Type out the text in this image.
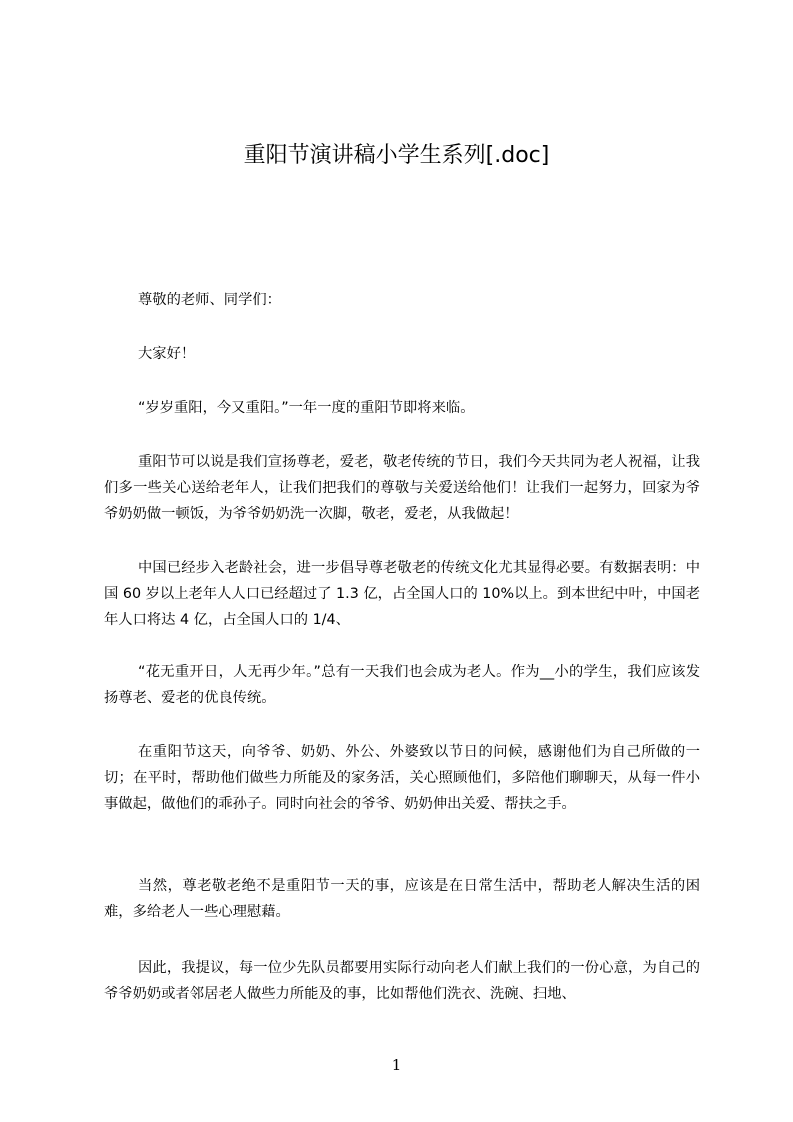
重阳节演讲稿小学生系列[.doc]

尊敬的老师、同学们：

大家好！

“岁岁重阳，今又重阳。”一年一度的重阳节即将来临。

重阳节可以说是我们宣扬尊老，爱老，敬老传统的节日，我们今天共同为老人祝福，让我们多一些关心送给老年人，让我们把我们的尊敬与关爱送给他们！让我们一起努力，回家为爷爷奶奶做一顿饭，为爷爷奶奶洗一次脚，敬老，爱老，从我做起！

中国已经步入老龄社会，进一步倡导尊老敬老的传统文化尤其显得必要。有数据表明：中国 60 岁以上老年人人口已经超过了 1.3 亿，占全国人口的 10%以上。到本世纪中叶，中国老年人口将达 4 亿，占全国人口的 1/4、

“花无重开日，人无再少年。”总有一天我们也会成为老人。作为__小的学生，我们应该发扬尊老、爱老的优良传统。

在重阳节这天，向爷爷、奶奶、外公、外婆致以节日的问候，感谢他们为自己所做的一切；在平时，帮助他们做些力所能及的家务活，关心照顾他们，多陪他们聊聊天，从每一件小事做起，做他们的乖孙子。同时向社会的爷爷、奶奶伸出关爱、帮扶之手。

当然，尊老敬老绝不是重阳节一天的事，应该是在日常生活中，帮助老人解决生活的困难，多给老人一些心理慰藉。

因此，我提议，每一位少先队员都要用实际行动向老人们献上我们的一份心意，为自己的爷爷奶奶或者邻居老人做些力所能及的事，比如帮他们洗衣、洗碗、扫地、

1
